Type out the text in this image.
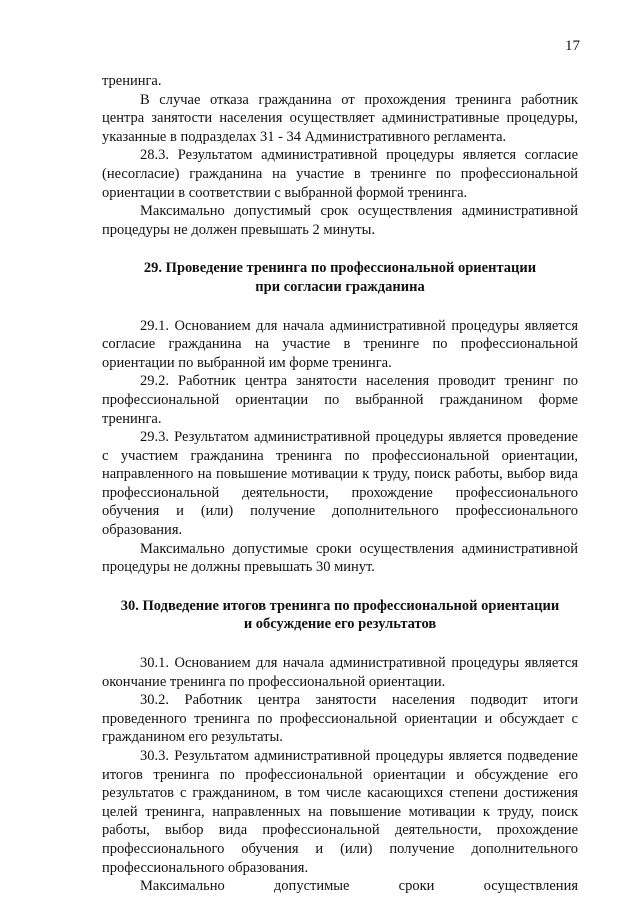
17

тренинга.

В случае отказа гражданина от прохождения тренинга работник центра занятости населения осуществляет административные процедуры, указанные в подразделах 31 - 34 Административного регламента.

28.3. Результатом административной процедуры является согласие (несогласие) гражданина на участие в тренинге по профессиональной ориентации в соответствии с выбранной формой тренинга.

Максимально допустимый срок осуществления административной процедуры не должен превышать 2 минуты.

29. Проведение тренинга по профессиональной ориентации
при согласии гражданина

29.1. Основанием для начала административной процедуры является согласие гражданина на участие в тренинге по профессиональной ориентации по выбранной им форме тренинга.

29.2. Работник центра занятости населения проводит тренинг по профессиональной ориентации по выбранной гражданином форме тренинга.

29.3. Результатом административной процедуры является проведение с участием гражданина тренинга по профессиональной ориентации, направленного на повышение мотивации к труду, поиск работы, выбор вида профессиональной деятельности, прохождение профессионального обучения и (или) получение дополнительного профессионального образования.

Максимально допустимые сроки осуществления административной процедуры не должны превышать 30 минут.

30. Подведение итогов тренинга по профессиональной ориентации
и обсуждение его результатов

30.1. Основанием для начала административной процедуры является окончание тренинга по профессиональной ориентации.

30.2. Работник центра занятости населения подводит итоги проведенного тренинга по профессиональной ориентации и обсуждает с гражданином его результаты.

30.3. Результатом административной процедуры является подведение итогов тренинга по профессиональной ориентации и обсуждение его результатов с гражданином, в том числе касающихся степени достижения целей тренинга, направленных на повышение мотивации к труду, поиск работы, выбор вида профессиональной деятельности, прохождение профессионального обучения и (или) получение дополнительного профессионального образования.

Максимально допустимые сроки осуществления
